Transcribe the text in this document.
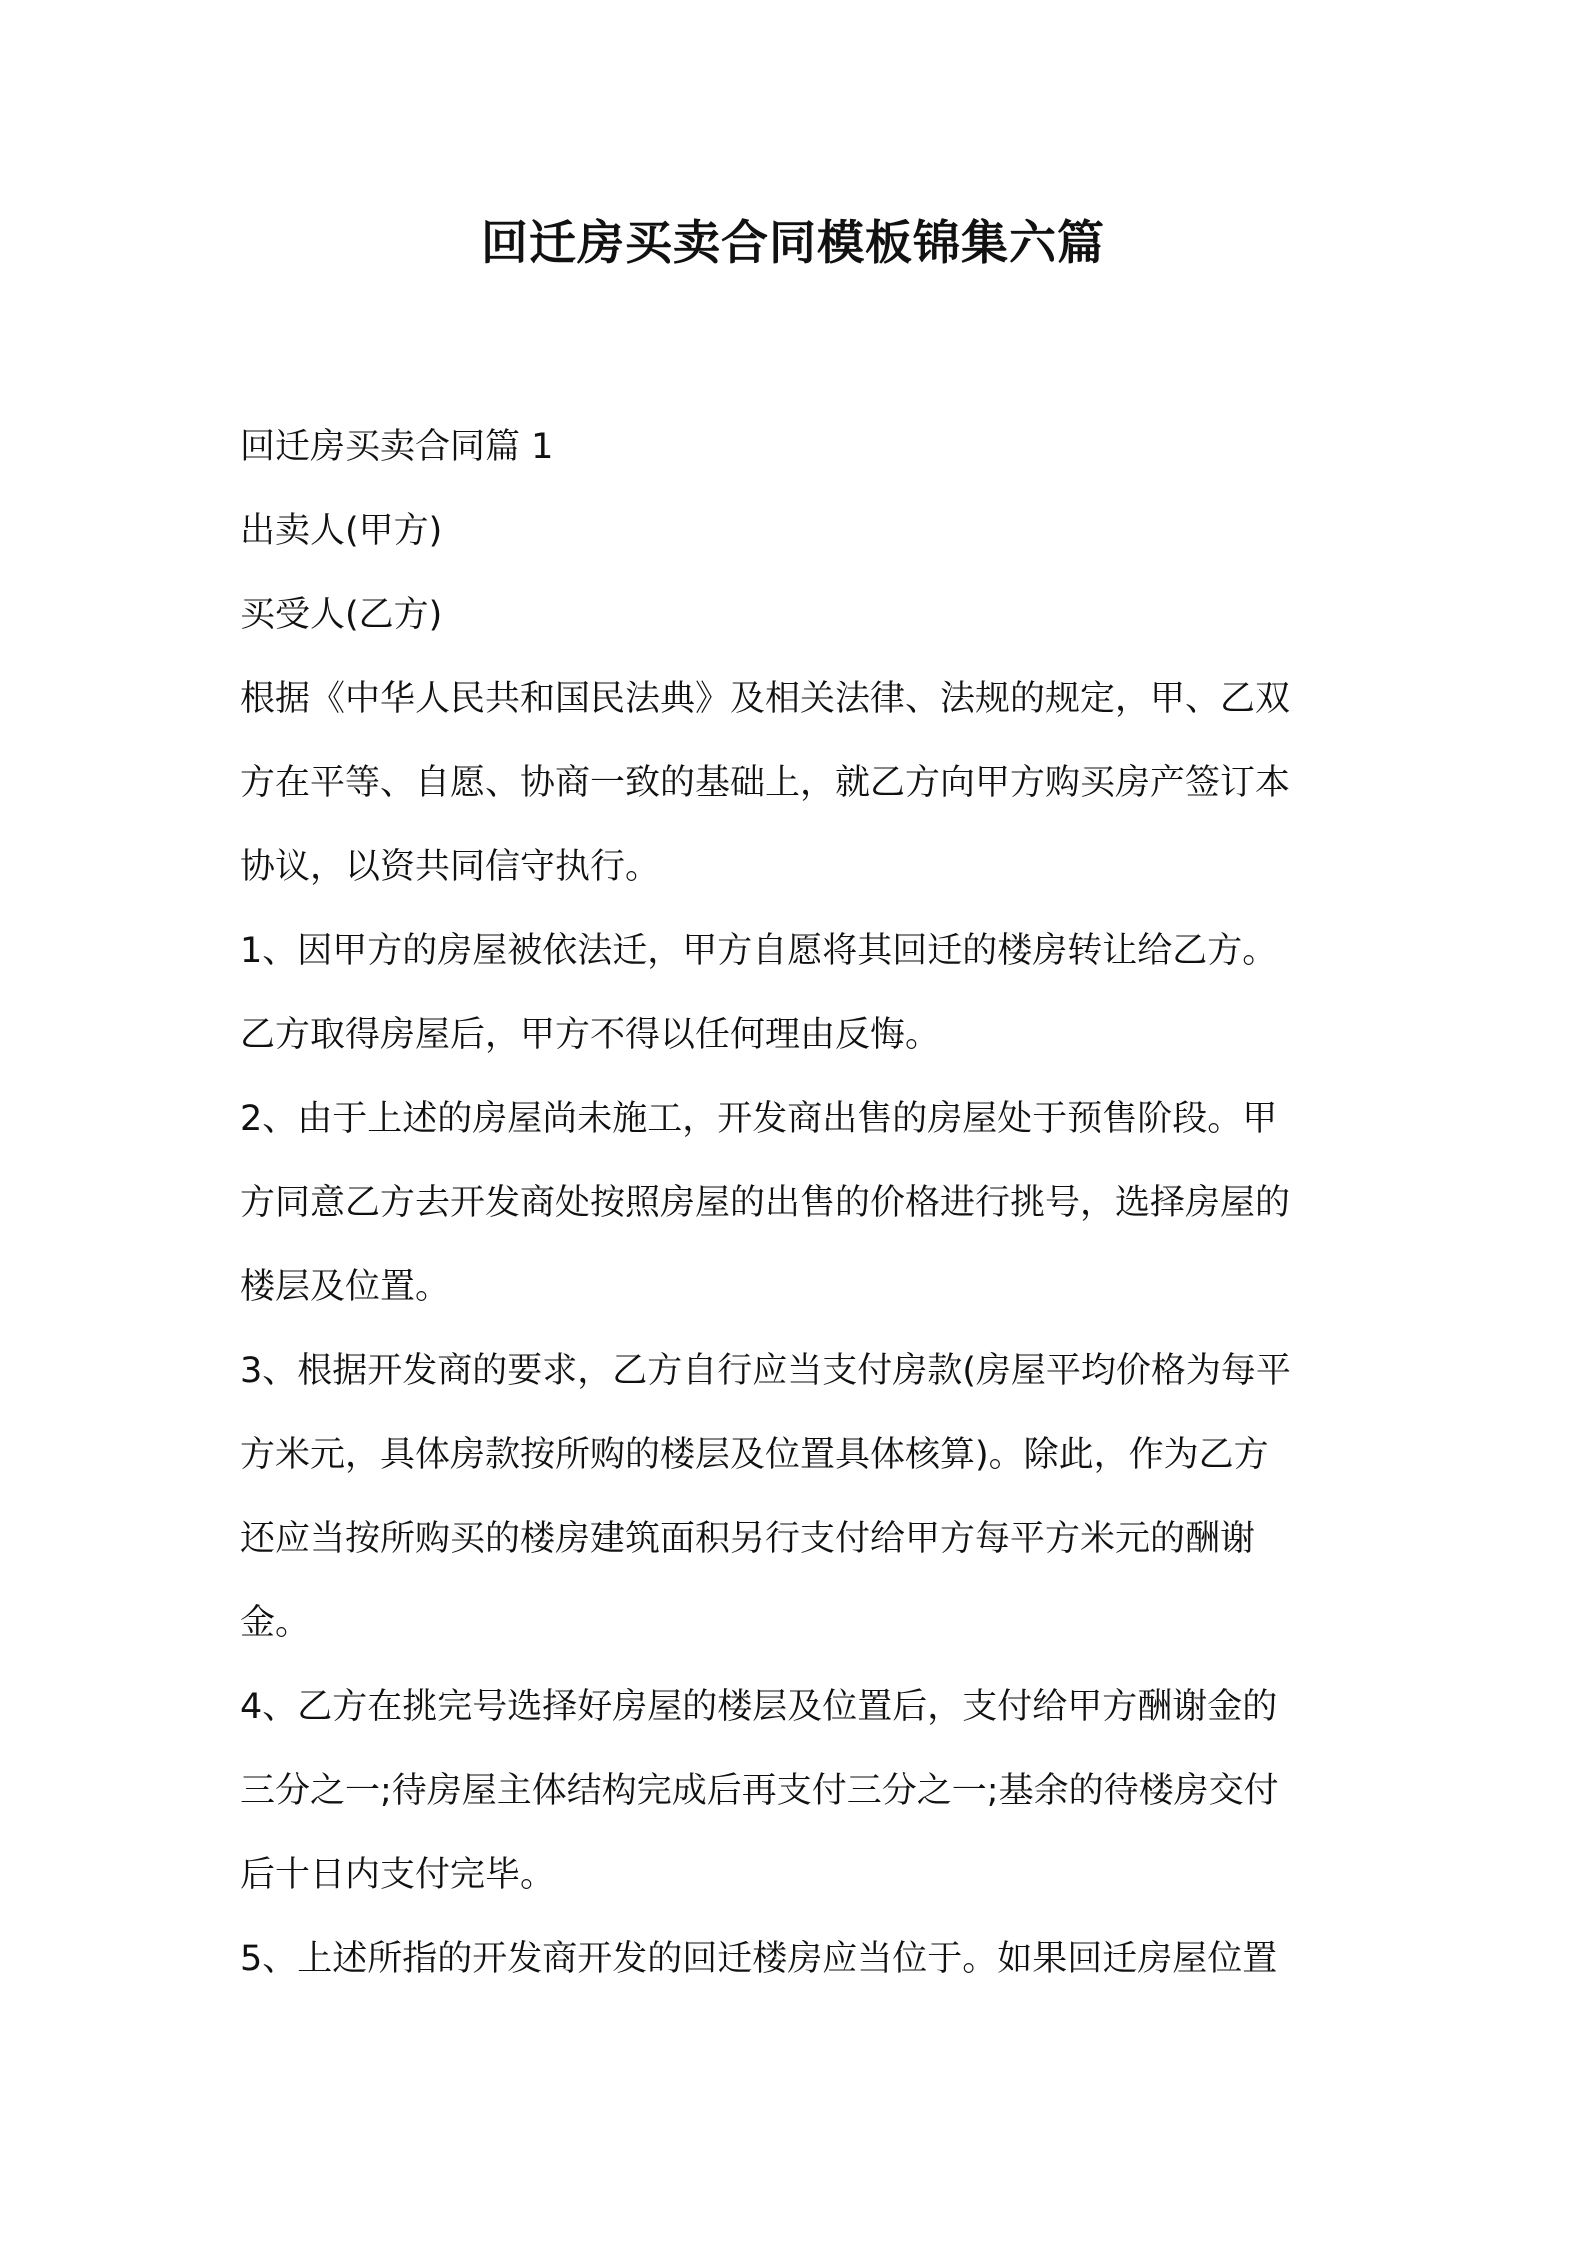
回迁房买卖合同模板锦集六篇

回迁房买卖合同篇 1

出卖人(甲方)

买受人(乙方)

根据《中华人民共和国民法典》及相关法律、法规的规定，甲、乙双

方在平等、自愿、协商一致的基础上，就乙方向甲方购买房产签订本

协议，以资共同信守执行。

1、因甲方的房屋被依法迁，甲方自愿将其回迁的楼房转让给乙方。

乙方取得房屋后，甲方不得以任何理由反悔。

2、由于上述的房屋尚未施工，开发商出售的房屋处于预售阶段。甲

方同意乙方去开发商处按照房屋的出售的价格进行挑号，选择房屋的

楼层及位置。

3、根据开发商的要求，乙方自行应当支付房款(房屋平均价格为每平

方米元，具体房款按所购的楼层及位置具体核算)。除此，作为乙方

还应当按所购买的楼房建筑面积另行支付给甲方每平方米元的酬谢

金。

4、乙方在挑完号选择好房屋的楼层及位置后，支付给甲方酬谢金的

三分之一;待房屋主体结构完成后再支付三分之一;基余的待楼房交付

后十日内支付完毕。

5、上述所指的开发商开发的回迁楼房应当位于。如果回迁房屋位置
